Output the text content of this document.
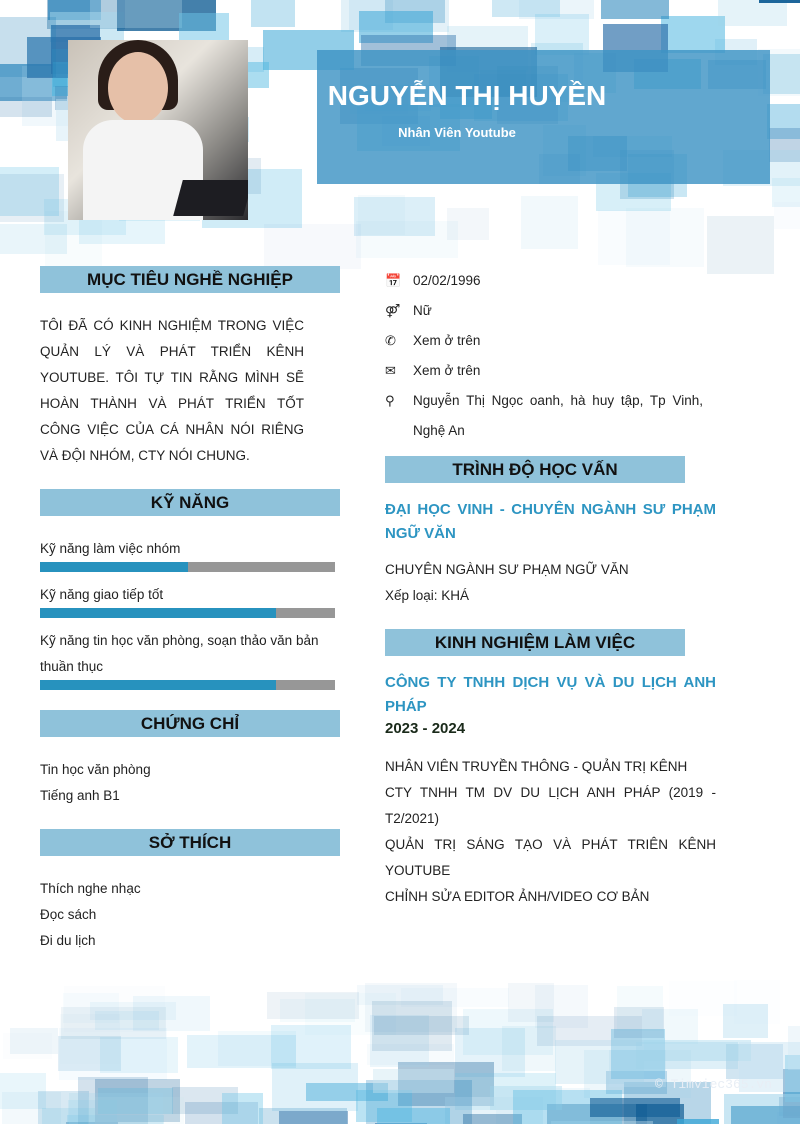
NGUYỄN THỊ HUYỀN
Nhân Viên Youtube
MỤC TIÊU NGHỀ NGHIỆP
TÔI ĐÃ CÓ KINH NGHIỆM TRONG VIỆC QUẢN LÝ VÀ PHÁT TRIỂN KÊNH YOUTUBE. TÔI TỰ TIN RẰNG MÌNH SẼ HOÀN THÀNH VÀ PHÁT TRIỂN TỐT CÔNG VIỆC CỦA CÁ NHÂN NÓI RIÊNG VÀ ĐỘI NHÓM, CTY NÓI CHUNG.
KỸ NĂNG
Kỹ năng làm việc nhóm
Kỹ năng giao tiếp tốt
Kỹ năng tin học văn phòng, soạn thảo văn bản thuần thục
CHỨNG CHỈ
Tin học văn phòng
Tiếng anh B1
SỞ THÍCH
Thích nghe nhạc
Đọc sách
Đi du lịch
📅 02/02/1996
⚤ Nữ
✆	Xem ở trên
✉	Xem ở trên
⚲	Nguyễn Thị Ngọc oanh, hà huy tập, Tp Vinh, Nghệ An
TRÌNH ĐỘ HỌC VẤN
ĐẠI HỌC VINH - CHUYÊN NGÀNH SƯ PHẠM NGỮ VĂN
CHUYÊN NGÀNH SƯ PHẠM NGỮ VĂN
Xếp loại: KHÁ
KINH NGHIỆM LÀM VIỆC
CÔNG TY TNHH DỊCH VỤ VÀ DU LỊCH ANH PHÁP
2023 - 2024
NHÂN VIÊN TRUYỀN THÔNG - QUẢN TRỊ KÊNH
CTY TNHH TM DV DU LỊCH ANH PHÁP (2019 - T2/2021)
QUẢN TRỊ SÁNG TẠO VÀ PHÁT TRIÊN KÊNH YOUTUBE
CHỈNH SỬA EDITOR ẢNH/VIDEO CƠ BẢN
© Timviec365.vn
